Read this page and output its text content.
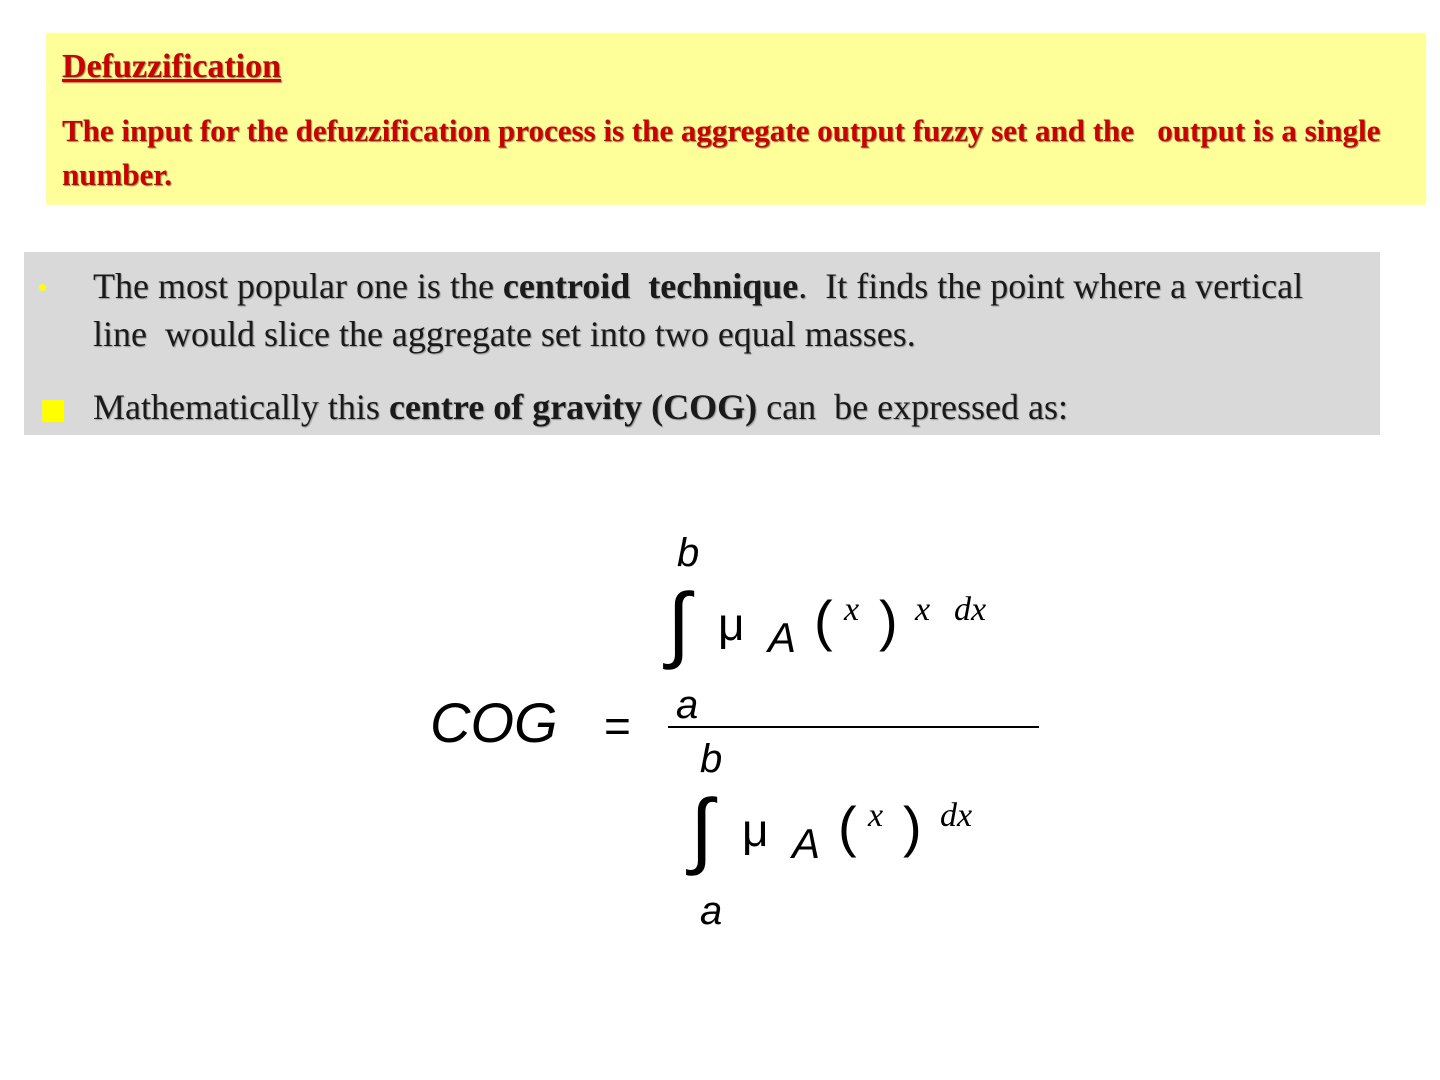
Defuzzification
The input for the defuzzification process is the aggregate output fuzzy set and the   output is a single number.
The most popular one is the centroid  technique.  It finds the point where a vertical line  would slice the aggregate set into two equal masses.
Mathematically this centre of gravity (COG) can  be expressed as:
COG =
b
∫
a
μ A ( x ) x dx
b
∫
a
μ A ( x ) dx
